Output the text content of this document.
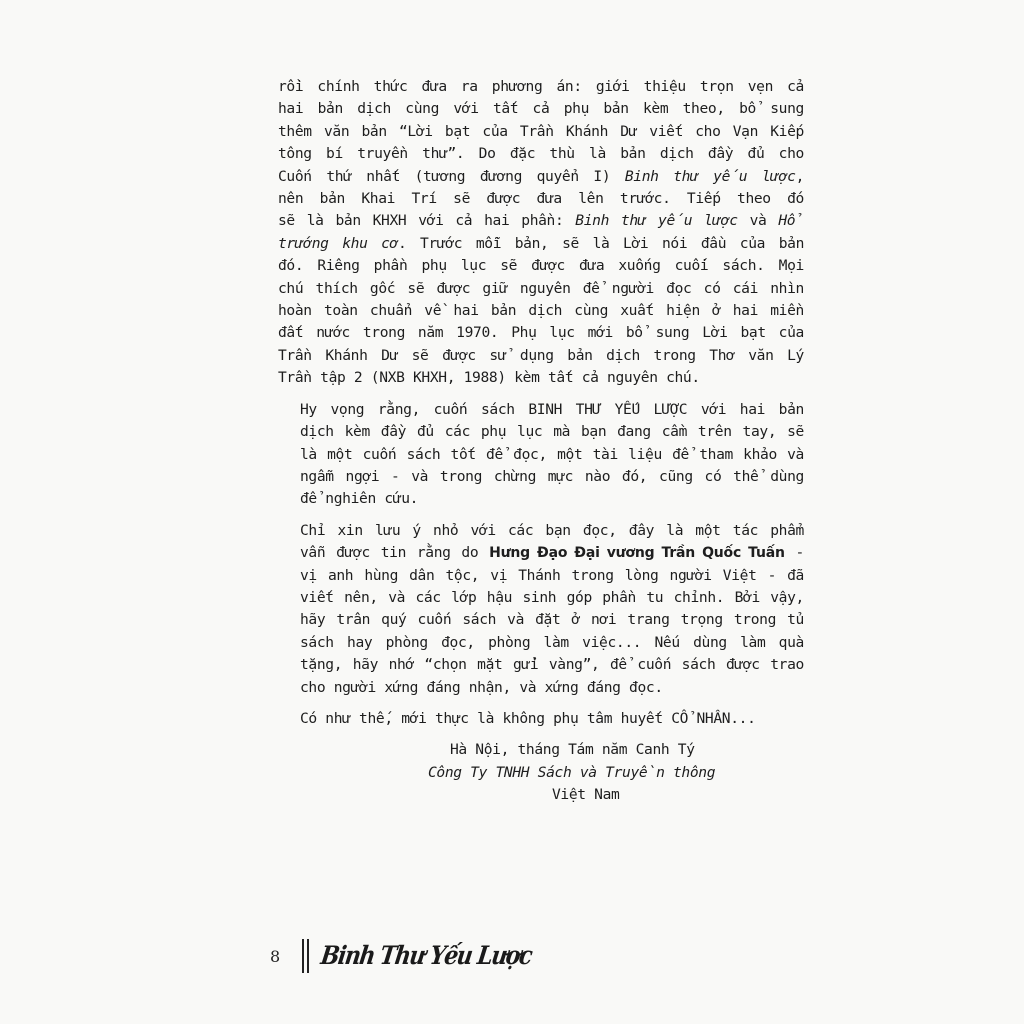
rồi chính thức đưa ra phương án: giới thiệu trọn vẹn cả
hai bản dịch cùng với tất cả phụ bản kèm theo, bổ sung
thêm văn bản “Lời bạt của Trần Khánh Dư viết cho Vạn Kiếp
tông bí truyền thư”. Do đặc thù là bản dịch đầy đủ cho
Cuốn thứ nhất (tương đương quyển I) Binh thư yếu lược,
nên bản Khai Trí sẽ được đưa lên trước. Tiếp theo đó
sẽ là bản KHXH với cả hai phần: Binh thư yếu lược và Hổ
trướng khu cơ. Trước mỗi bản, sẽ là Lời nói đầu của bản
đó. Riêng phần phụ lục sẽ được đưa xuống cuối sách. Mọi
chú thích gốc sẽ được giữ nguyên để người đọc có cái nhìn
hoàn toàn chuẩn về hai bản dịch cùng xuất hiện ở hai miền
đất nước trong năm 1970. Phụ lục mới bổ sung Lời bạt của
Trần Khánh Dư sẽ được sử dụng bản dịch trong Thơ văn Lý
Trần tập 2 (NXB KHXH, 1988) kèm tất cả nguyên chú.

Hy vọng rằng, cuốn sách BINH THƯ YẾU LƯỢC với hai bản
dịch kèm đầy đủ các phụ lục mà bạn đang cầm trên tay, sẽ
là một cuốn sách tốt để đọc, một tài liệu để tham khảo và
ngẫm ngợi - và trong chừng mực nào đó, cũng có thể dùng
để nghiên cứu.

Chỉ xin lưu ý nhỏ với các bạn đọc, đây là một tác phẩm
vẫn được tin rằng do Hưng Đạo Đại vương Trần Quốc Tuấn -
vị anh hùng dân tộc, vị Thánh trong lòng người Việt - đã
viết nên, và các lớp hậu sinh góp phần tu chỉnh. Bởi vậy,
hãy trân quý cuốn sách và đặt ở nơi trang trọng trong tủ
sách hay phòng đọc, phòng làm việc... Nếu dùng làm quà
tặng, hãy nhớ “chọn mặt gửi vàng”, để cuốn sách được trao
cho người xứng đáng nhận, và xứng đáng đọc.

Có như thế, mới thực là không phụ tâm huyết CỔ NHÂN...

Hà Nội, tháng Tám năm Canh Tý
Công Ty TNHH Sách và Truyền thông
Việt Nam
8 Binh Thư Yếu Lược
